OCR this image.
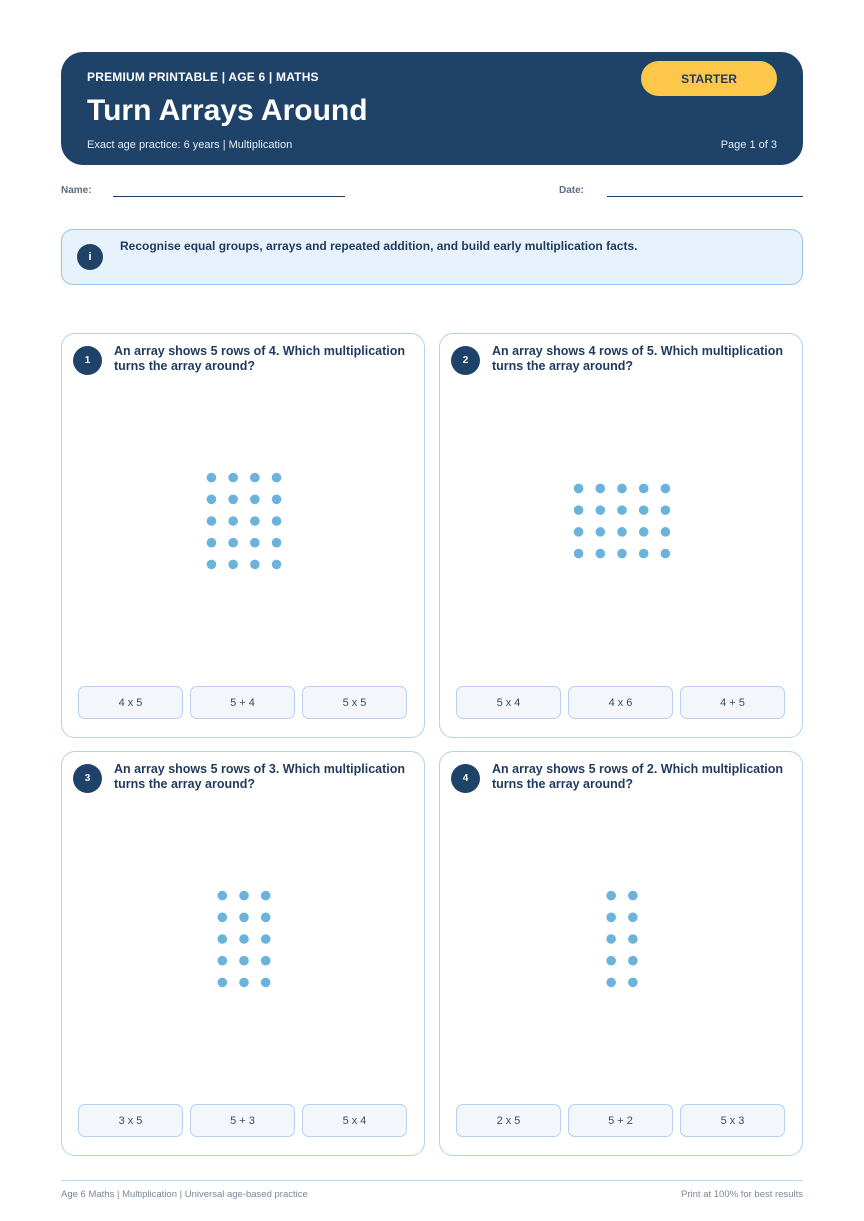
PREMIUM PRINTABLE | AGE 6 | MATHS
Turn Arrays Around
Exact age practice: 6 years | Multiplication	Page 1 of 3
STARTER
Name:	Date:
i
Recognise equal groups, arrays and repeated addition, and build early multiplication facts.
1
An array shows 5 rows of 4. Which multiplication turns the array around?
4 x 5	5 + 4	5 x 5
2
An array shows 4 rows of 5. Which multiplication turns the array around?
5 x 4	4 x 6	4 + 5
3
An array shows 5 rows of 3. Which multiplication turns the array around?
3 x 5	5 + 3	5 x 4
4
An array shows 5 rows of 2. Which multiplication turns the array around?
2 x 5	5 + 2	5 x 3
Age 6 Maths | Multiplication | Universal age-based practice	Print at 100% for best results
